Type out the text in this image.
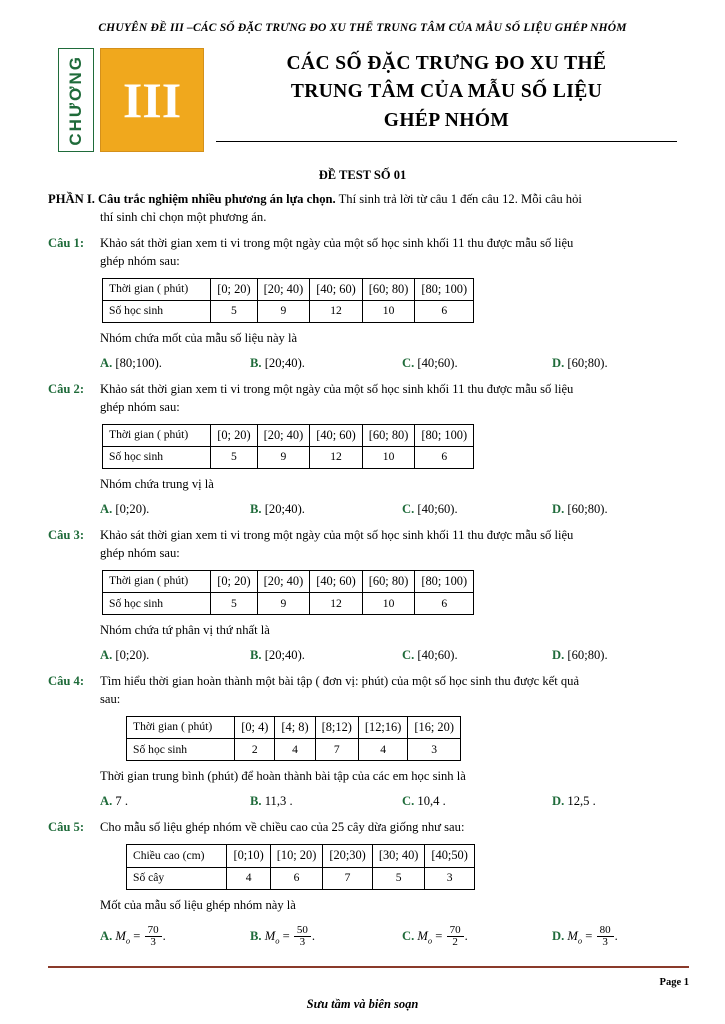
CHUYÊN ĐỀ III –CÁC SỐ ĐẶC TRƯNG ĐO XU THẾ TRUNG TÂM CỦA MẪU SỐ LIỆU GHÉP NHÓM
CHƯƠNG III
CÁC SỐ ĐẶC TRƯNG ĐO XU THẾ
TRUNG TÂM CỦA MẪU SỐ LIỆU
GHÉP NHÓM
ĐỀ TEST SỐ 01
PHẦN I. Câu trắc nghiệm nhiều phương án lựa chọn. Thí sinh trả lời từ câu 1 đến câu 12. Mỗi câu hỏi
thí sinh chỉ chọn một phương án.
Câu 1:	Khảo sát thời gian xem ti vi trong một ngày của một số học sinh khối 11 thu được mẫu số liệu
ghép nhóm sau:
Thời gian ( phút)	[0; 20)	[20; 40)	[40; 60)	[60; 80)	[80; 100)
Số học sinh	5	9	12	10	6
Nhóm chứa mốt của mẫu số liệu này là
A. [80;100).	B. [20;40).	C. [40;60).	D. [60;80).
Câu 2:	Khảo sát thời gian xem ti vi trong một ngày của một số học sinh khối 11 thu được mẫu số liệu
ghép nhóm sau:
Thời gian ( phút)	[0; 20)	[20; 40)	[40; 60)	[60; 80)	[80; 100)
Số học sinh	5	9	12	10	6
Nhóm chứa trung vị là
A. [0;20).	B. [20;40).	C. [40;60).	D. [60;80).
Câu 3:	Khảo sát thời gian xem ti vi trong một ngày của một số học sinh khối 11 thu được mẫu số liệu
ghép nhóm sau:
Thời gian ( phút)	[0; 20)	[20; 40)	[40; 60)	[60; 80)	[80; 100)
Số học sinh	5	9	12	10	6
Nhóm chứa tứ phân vị thứ nhất là
A. [0;20).	B. [20;40).	C. [40;60).	D. [60;80).
Câu 4:	Tìm hiểu thời gian hoàn thành một bài tập ( đơn vị: phút) của một số học sinh thu được kết quả
sau:
Thời gian ( phút)	[0; 4)	[4; 8)	[8;12)	[12;16)	[16; 20)
Số học sinh	2	4	7	4	3
Thời gian trung bình (phút) để hoàn thành bài tập của các em học sinh là
A. 7 .	B. 11,3 .	C. 10,4 .	D. 12,5 .
Câu 5:	Cho mẫu số liệu ghép nhóm về chiều cao của 25 cây dừa giống như sau:
Chiều cao (cm)	[0;10)	[10; 20)	[20;30)	[30; 40)	[40;50)
Số cây	4	6	7	5	3
Mốt của mẫu số liệu ghép nhóm này là
A. $M_o = \frac{70}{3}$ .	B. $M_o = \frac{50}{3}$ .	C. $M_o = \frac{70}{2}$ .	D. $M_o = \frac{80}{3}$ .
Page 1
Sưu tầm và biên soạn
